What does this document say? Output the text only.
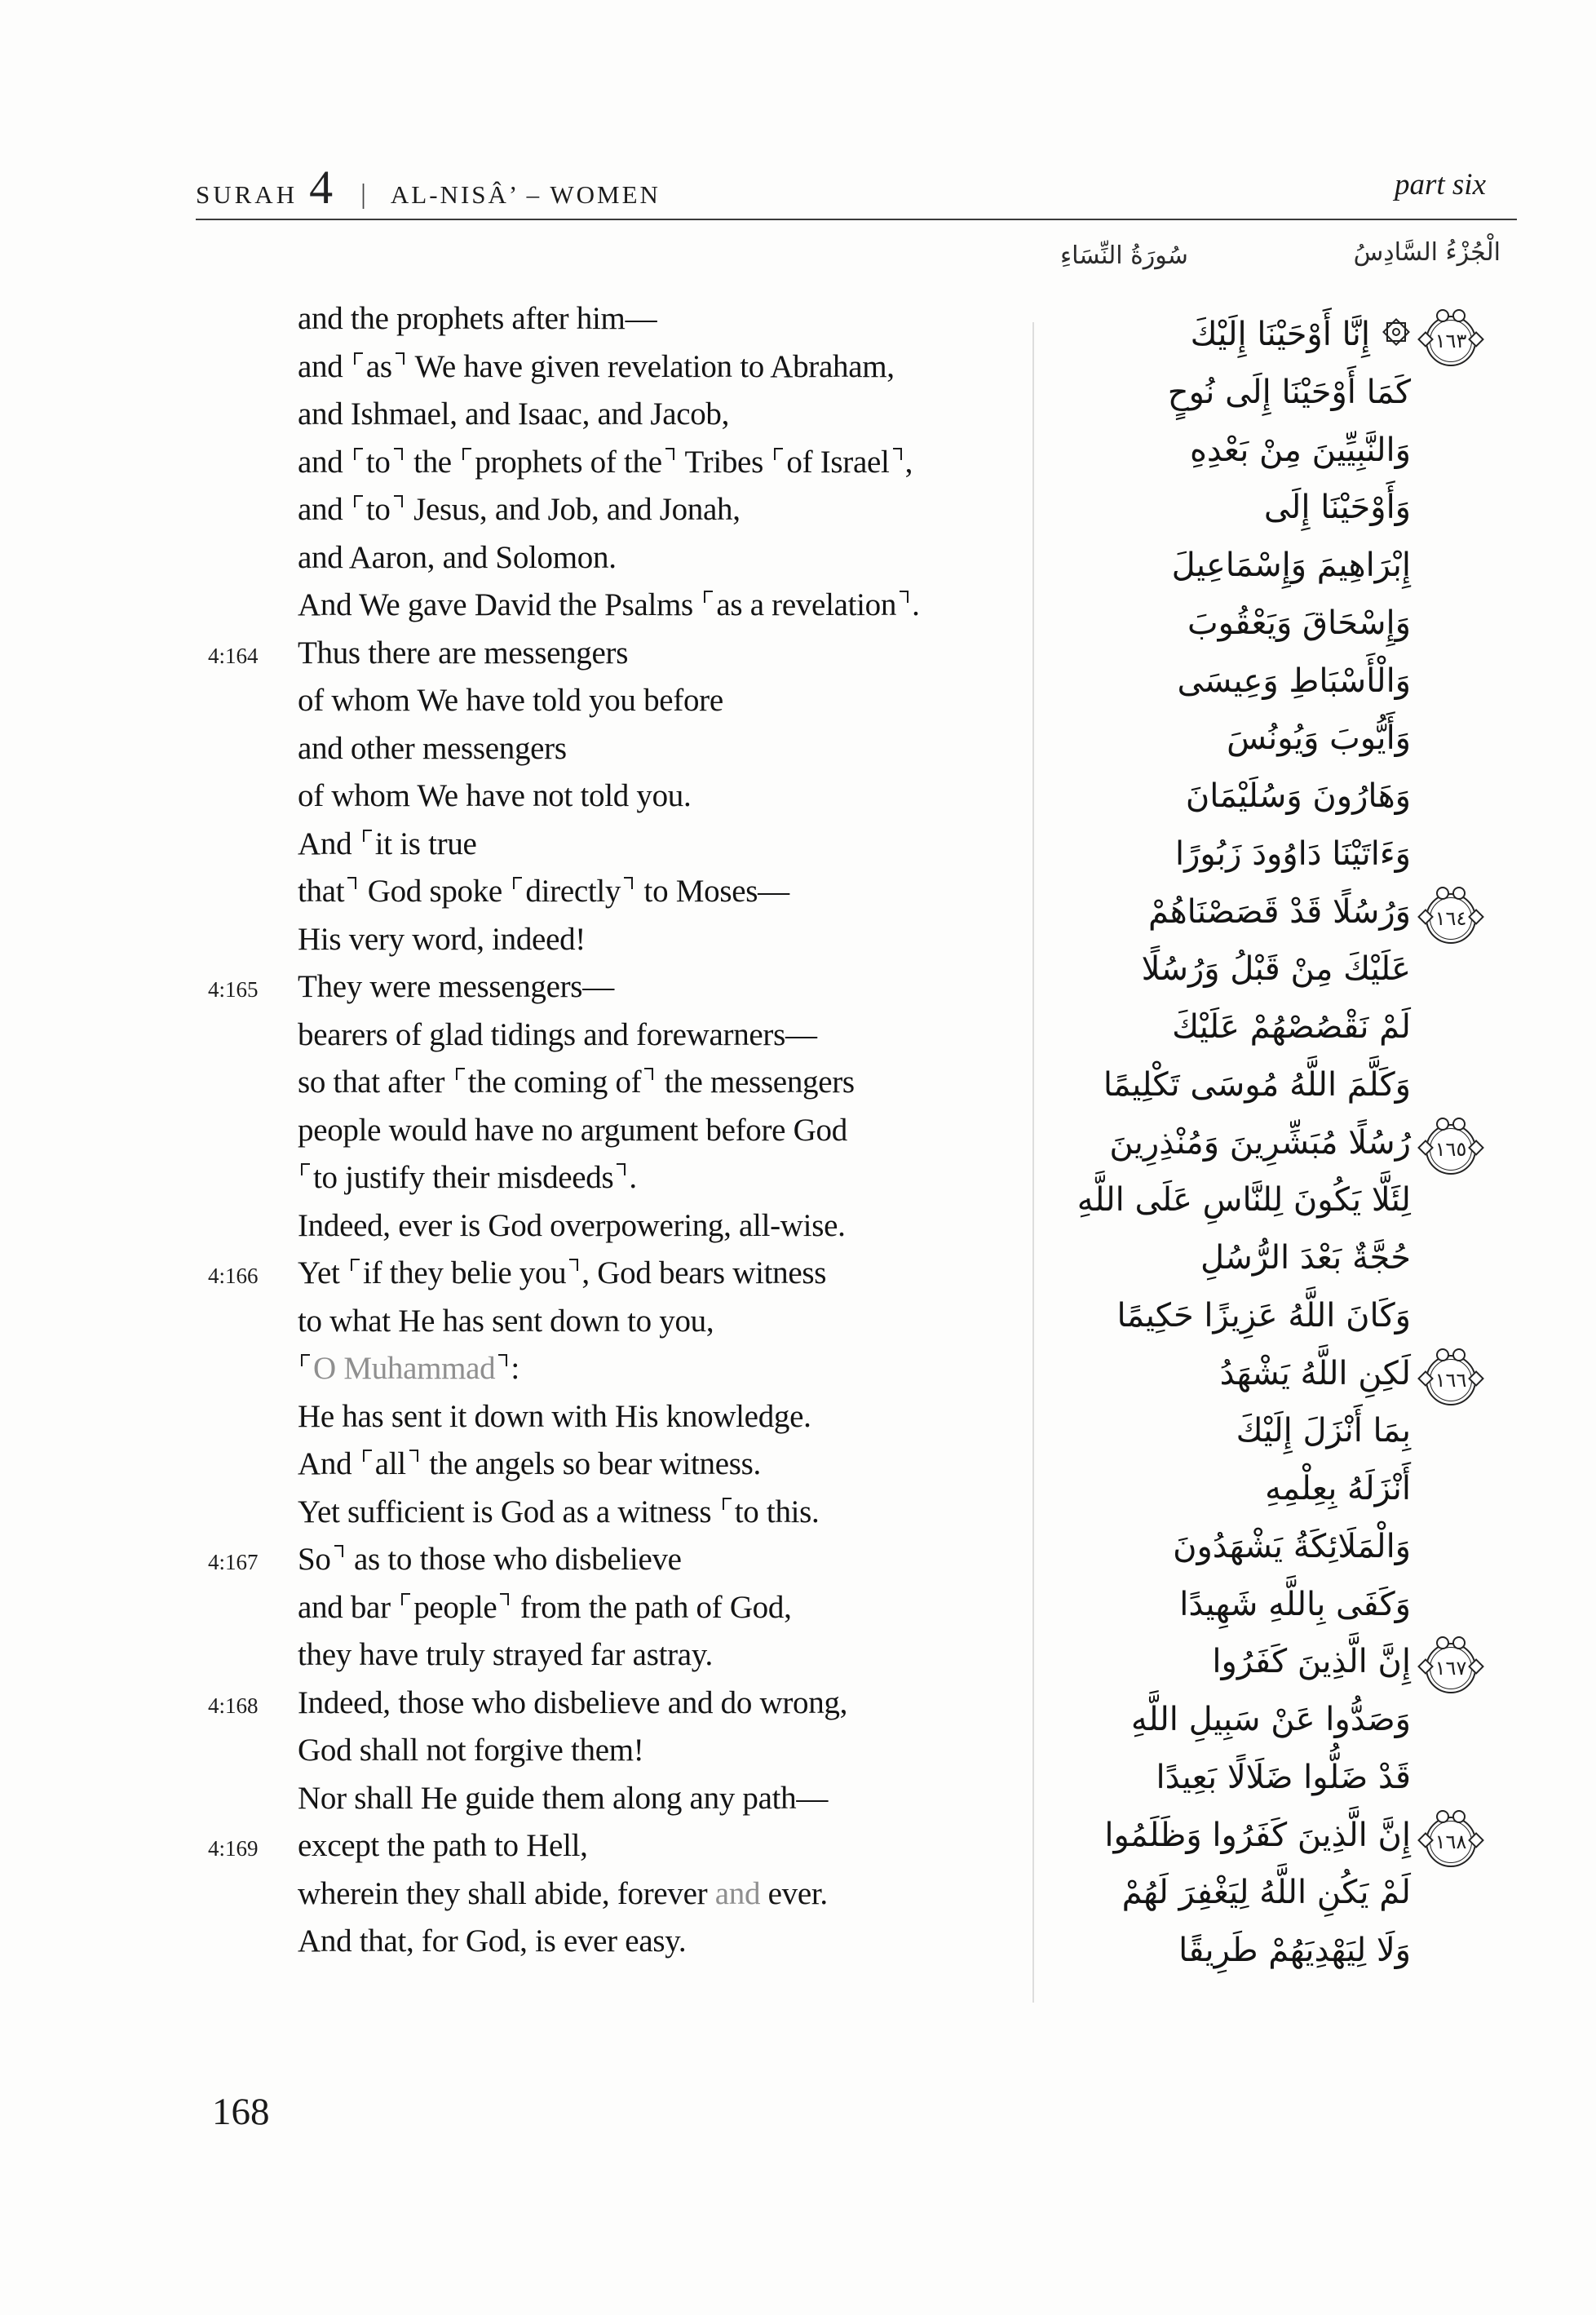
SURAH 4 | AL-NISÂ’ – WOMEN	part six
الْجُزْءُ السَّادِسُ
سُورَةُ النِّسَاءِ
and the prophets after him—
and as We have given revelation to Abraham,
and Ishmael, and Isaac, and Jacob,
and to the prophets of the Tribes of Israel ,
and to Jesus, and Job, and Jonah,
and Aaron, and Solomon.
And We gave David the Psalms as a revelation .
4:164	Thus there are messengers
of whom We have told you before
and other messengers
of whom We have not told you.
And it is true
that God spoke directly to Moses—
His very word, indeed!
4:165	They were messengers—
bearers of glad tidings and forewarners—
so that after the coming of the messengers
people would have no argument before God
to justify their misdeeds .
Indeed, ever is God overpowering, all-wise.
4:166	Yet if they belie you , God bears witness
to what He has sent down to you,
O Muhammad :
He has sent it down with His knowledge.
And all the angels so bear witness.
Yet sufficient is God as a witness to this.
4:167	So as to those who disbelieve
and bar people from the path of God,
they have truly strayed far astray.
4:168	Indeed, those who disbelieve and do wrong,
God shall not forgive them!
Nor shall He guide them along any path—
4:169	except the path to Hell,
wherein they shall abide, forever and ever.
And that, for God, is ever easy.
إِنَّا أَوْحَيْنَا إِلَيْكَ	١٦٣
كَمَا أَوْحَيْنَا إِلَى نُوحٍ
وَالنَّبِيِّينَ مِنْ بَعْدِهِ
وَأَوْحَيْنَا إِلَى
إِبْرَاهِيمَ وَإِسْمَاعِيلَ
وَإِسْحَاقَ وَيَعْقُوبَ
وَالْأَسْبَاطِ وَعِيسَى
وَأَيُّوبَ وَيُونُسَ
وَهَارُونَ وَسُلَيْمَانَ
وَءَاتَيْنَا دَاوُودَ زَبُورًا
وَرُسُلًا قَدْ قَصَصْنَاهُمْ ١٦٤
عَلَيْكَ مِنْ قَبْلُ وَرُسُلًا
لَمْ نَقْصُصْهُمْ عَلَيْكَ
وَكَلَّمَ اللَّهُ مُوسَى تَكْلِيمًا
رُسُلًا مُبَشِّرِينَ وَمُنْذِرِينَ ١٦٥
لِئَلَّا يَكُونَ لِلنَّاسِ عَلَى اللَّهِ
حُجَّةٌ بَعْدَ الرُّسُلِ
وَكَانَ اللَّهُ عَزِيزًا حَكِيمًا
لَكِنِ اللَّهُ يَشْهَدُ ١٦٦
بِمَا أَنْزَلَ إِلَيْكَ
أَنْزَلَهُ بِعِلْمِهِ
وَالْمَلَائِكَةُ يَشْهَدُونَ
وَكَفَى بِاللَّهِ شَهِيدًا
إِنَّ الَّذِينَ كَفَرُوا ١٦٧
وَصَدُّوا عَنْ سَبِيلِ اللَّهِ
قَدْ ضَلُّوا ضَلَالًا بَعِيدًا
إِنَّ الَّذِينَ كَفَرُوا وَظَلَمُوا ١٦٨
لَمْ يَكُنِ اللَّهُ لِيَغْفِرَ لَهُمْ
وَلَا لِيَهْدِيَهُمْ طَرِيقًا
168
